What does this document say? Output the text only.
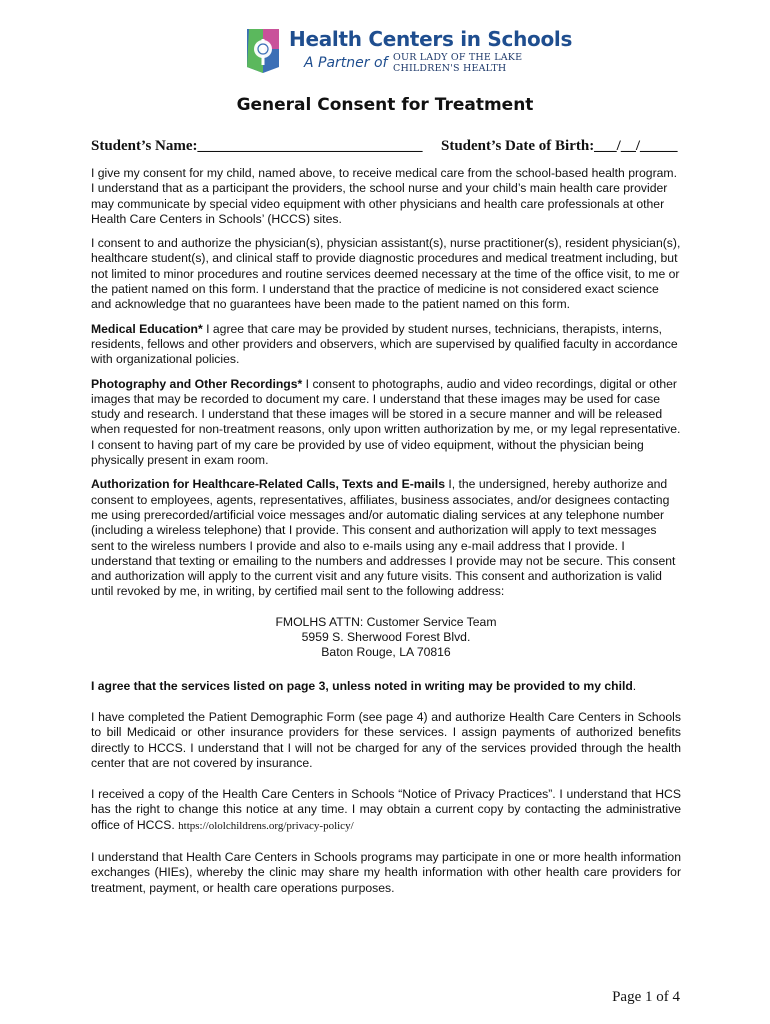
Health Centers in Schools
A Partner of OUR LADY OF THE LAKE
CHILDREN'S HEALTH
General Consent for Treatment
Student’s Name:______________________________ Student’s Date of Birth:___/__/_____

I give my consent for my child, named above, to receive medical care from the school-based health program. I understand that as a participant the providers, the school nurse and your child’s main health care provider may communicate by special video equipment with other physicians and health care professionals at other Health Care Centers in Schools’ (HCCS) sites.

I consent to and authorize the physician(s), physician assistant(s), nurse practitioner(s), resident physician(s), healthcare student(s), and clinical staff to provide diagnostic procedures and medical treatment including, but not limited to minor procedures and routine services deemed necessary at the time of the office visit, to me or the patient named on this form. I understand that the practice of medicine is not considered exact science and acknowledge that no guarantees have been made to the patient named on this form.

Medical Education* I agree that care may be provided by student nurses, technicians, therapists, interns, residents, fellows and other providers and observers, which are supervised by qualified faculty in accordance with organizational policies.

Photography and Other Recordings* I consent to photographs, audio and video recordings, digital or other images that may be recorded to document my care. I understand that these images may be used for case study and research. I understand that these images will be stored in a secure manner and will be released when requested for non-treatment reasons, only upon written authorization by me, or my legal representative. I consent to having part of my care be provided by use of video equipment, without the physician being physically present in exam room.

Authorization for Healthcare-Related Calls, Texts and E-mails I, the undersigned, hereby authorize and consent to employees, agents, representatives, affiliates, business associates, and/or designees contacting me using prerecorded/artificial voice messages and/or automatic dialing services at any telephone number (including a wireless telephone) that I provide. This consent and authorization will apply to text messages sent to the wireless numbers I provide and also to e-mails using any e-mail address that I provide. I understand that texting or emailing to the numbers and addresses I provide may not be secure. This consent and authorization will apply to the current visit and any future visits. This consent and authorization is valid until revoked by me, in writing, by certified mail sent to the following address:

FMOLHS ATTN: Customer Service Team
5959 S. Sherwood Forest Blvd.
Baton Rouge, LA 70816

I agree that the services listed on page 3, unless noted in writing may be provided to my child.

I have completed the Patient Demographic Form (see page 4) and authorize Health Care Centers in Schools to bill Medicaid or other insurance providers for these services. I assign payments of authorized benefits directly to HCCS. I understand that I will not be charged for any of the services provided through the health center that are not covered by insurance.

I received a copy of the Health Care Centers in Schools “Notice of Privacy Practices”. I understand that HCS has the right to change this notice at any time. I may obtain a current copy by contacting the administrative office of HCCS. https://ololchildrens.org/privacy-policy/

I understand that Health Care Centers in Schools programs may participate in one or more health information exchanges (HIEs), whereby the clinic may share my health information with other health care providers for treatment, payment, or health care operations purposes.

Page 1 of 4
